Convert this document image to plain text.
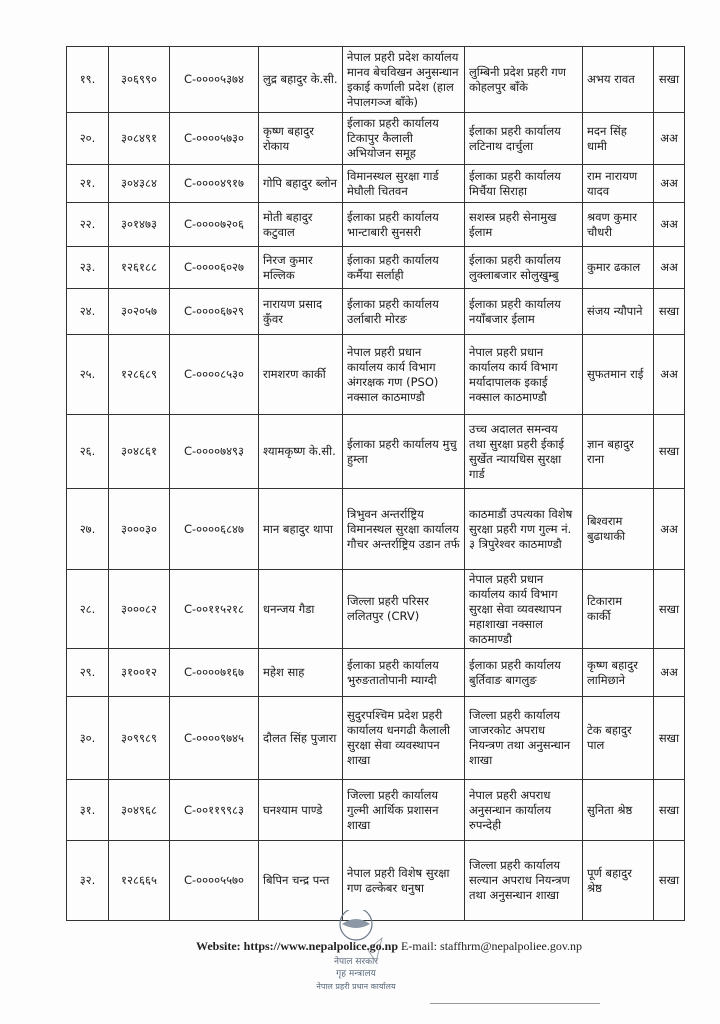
१९.	३०६९९०	C-००००५३७४	लुद्र बहादुर के.सी.	नेपाल प्रहरी प्रदेश कार्यालय मानव बेचविखन अनुसन्धान इकाई कर्णाली प्रदेश (हाल नेपालगञ्ज बाँके)	लुम्बिनी प्रदेश प्रहरी गण कोहलपुर बाँके	अभय रावत	सखा
२०.	३०८४९१	C-००००५७३०	कृष्ण बहादुर रोकाय	ईलाका प्रहरी कार्यालय टिकापुर कैलाली अभियोजन समूह	ईलाका प्रहरी कार्यालय लटिनाथ दार्चुला	मदन सिंह धामी	अअ
२१.	३०४३८४	C-००००४९१७	गोपि बहादुर ब्लोन	विमानस्थल सुरक्षा गार्ड मेघौली चितवन	ईलाका प्रहरी कार्यालय मिर्चैया सिराहा	राम नारायण यादव	अअ
२२.	३०१४७३	C-००००७२०६	मोती बहादुर कटुवाल	ईलाका प्रहरी कार्यालय भान्टाबारी सुनसरी	सशस्त्र प्रहरी सेनामुख ईलाम	श्रवण कुमार चौधरी	अअ
२३.	१२६१८८	C-००००६०२७	निरज कुमार मल्लिक	ईलाका प्रहरी कार्यालय कर्मैया सर्लाही	ईलाका प्रहरी कार्यालय लुक्लाबजार सोलुखुम्बु	कुमार ढकाल	अअ
२४.	३०२०५७	C-००००६७२९	नारायण प्रसाद कुँवर	ईलाका प्रहरी कार्यालय उर्लाबारी मोरङ	ईलाका प्रहरी कार्यालय नयाँबजार ईलाम	संजय न्यौपाने	सखा
२५.	१२८६८९	C-००००८५३०	रामशरण कार्की	नेपाल प्रहरी प्रधान कार्यालय कार्य विभाग अंगरक्षक गण (PSO) नक्साल काठमाण्डौ	नेपाल प्रहरी प्रधान कार्यालय कार्य विभाग मर्यादापालक इकाई नक्साल काठमाण्डौ	सुफतमान राई	अअ
२६.	३०४८६१	C-००००७४९३	श्यामकृष्ण के.सी.	ईलाका प्रहरी कार्यालय मुचु हुम्ला	उच्च अदालत समन्वय तथा सुरक्षा प्रहरी ईकाई सुर्खेत न्यायधिस सुरक्षा गार्ड	ज्ञान बहादुर राना	सखा
२७.	३०००३०	C-००००६८४७	मान बहादुर थापा	त्रिभुवन अन्तर्राष्ट्रिय विमानस्थल सुरक्षा कार्यालय गौचर अन्तर्राष्ट्रिय उडान तर्फ	काठमाडौं उपत्यका विशेष सुरक्षा प्रहरी गण गुल्म नं. ३ त्रिपुरेश्वर काठमाण्डौ	बिश्वराम बुढाथाकी	अअ
२८.	३०००८२	C-००११५२१८	धनन्जय गैडा	जिल्ला प्रहरी परिसर ललितपुर (CRV)	नेपाल प्रहरी प्रधान कार्यालय कार्य विभाग सुरक्षा सेवा व्यवस्थापन महाशाखा नक्साल काठमाण्डौ	टिकाराम कार्की	सखा
२९.	३१००१२	C-००००७१६७	महेश साह	ईलाका प्रहरी कार्यालय भुरुङतातोपानी म्याग्दी	ईलाका प्रहरी कार्यालय बुर्तिवाङ बागलुङ	कृष्ण बहादुर लामिछाने	अअ
३०.	३०९९८९	C-००००९७४५	दौलत सिंह पुजारा	सुदुरपश्चिम प्रदेश प्रहरी कार्यालय धनगढी कैलाली सुरक्षा सेवा व्यवस्थापन शाखा	जिल्ला प्रहरी कार्यालय जाजरकोट अपराध नियन्त्रण तथा अनुसन्धान शाखा	टेक बहादुर पाल	सखा
३१.	३०४९६८	C-००११९९८३	घनश्याम पाण्डे	जिल्ला प्रहरी कार्यालय गुल्मी आर्थिक प्रशासन शाखा	नेपाल प्रहरी अपराध अनुसन्धान कार्यालय रुपन्देही	सुनिता श्रेष्ठ	सखा
३२.	१२८६६५	C-००००५५७०	बिपिन चन्द्र पन्त	नेपाल प्रहरी विशेष सुरक्षा गण ढल्केबर धनुषा	जिल्ला प्रहरी कार्यालय सल्यान अपराध नियन्त्रण तथा अनुसन्धान शाखा	पूर्ण बहादुर श्रेष्ठ	सखा
नेपाल सरकार
गृह मन्त्रालय
नेपाल प्रहरी प्रधान कार्यालय
Website: https://www.nepalpolice.go.np E-mail: staffhrm@nepalpoliee.gov.np
